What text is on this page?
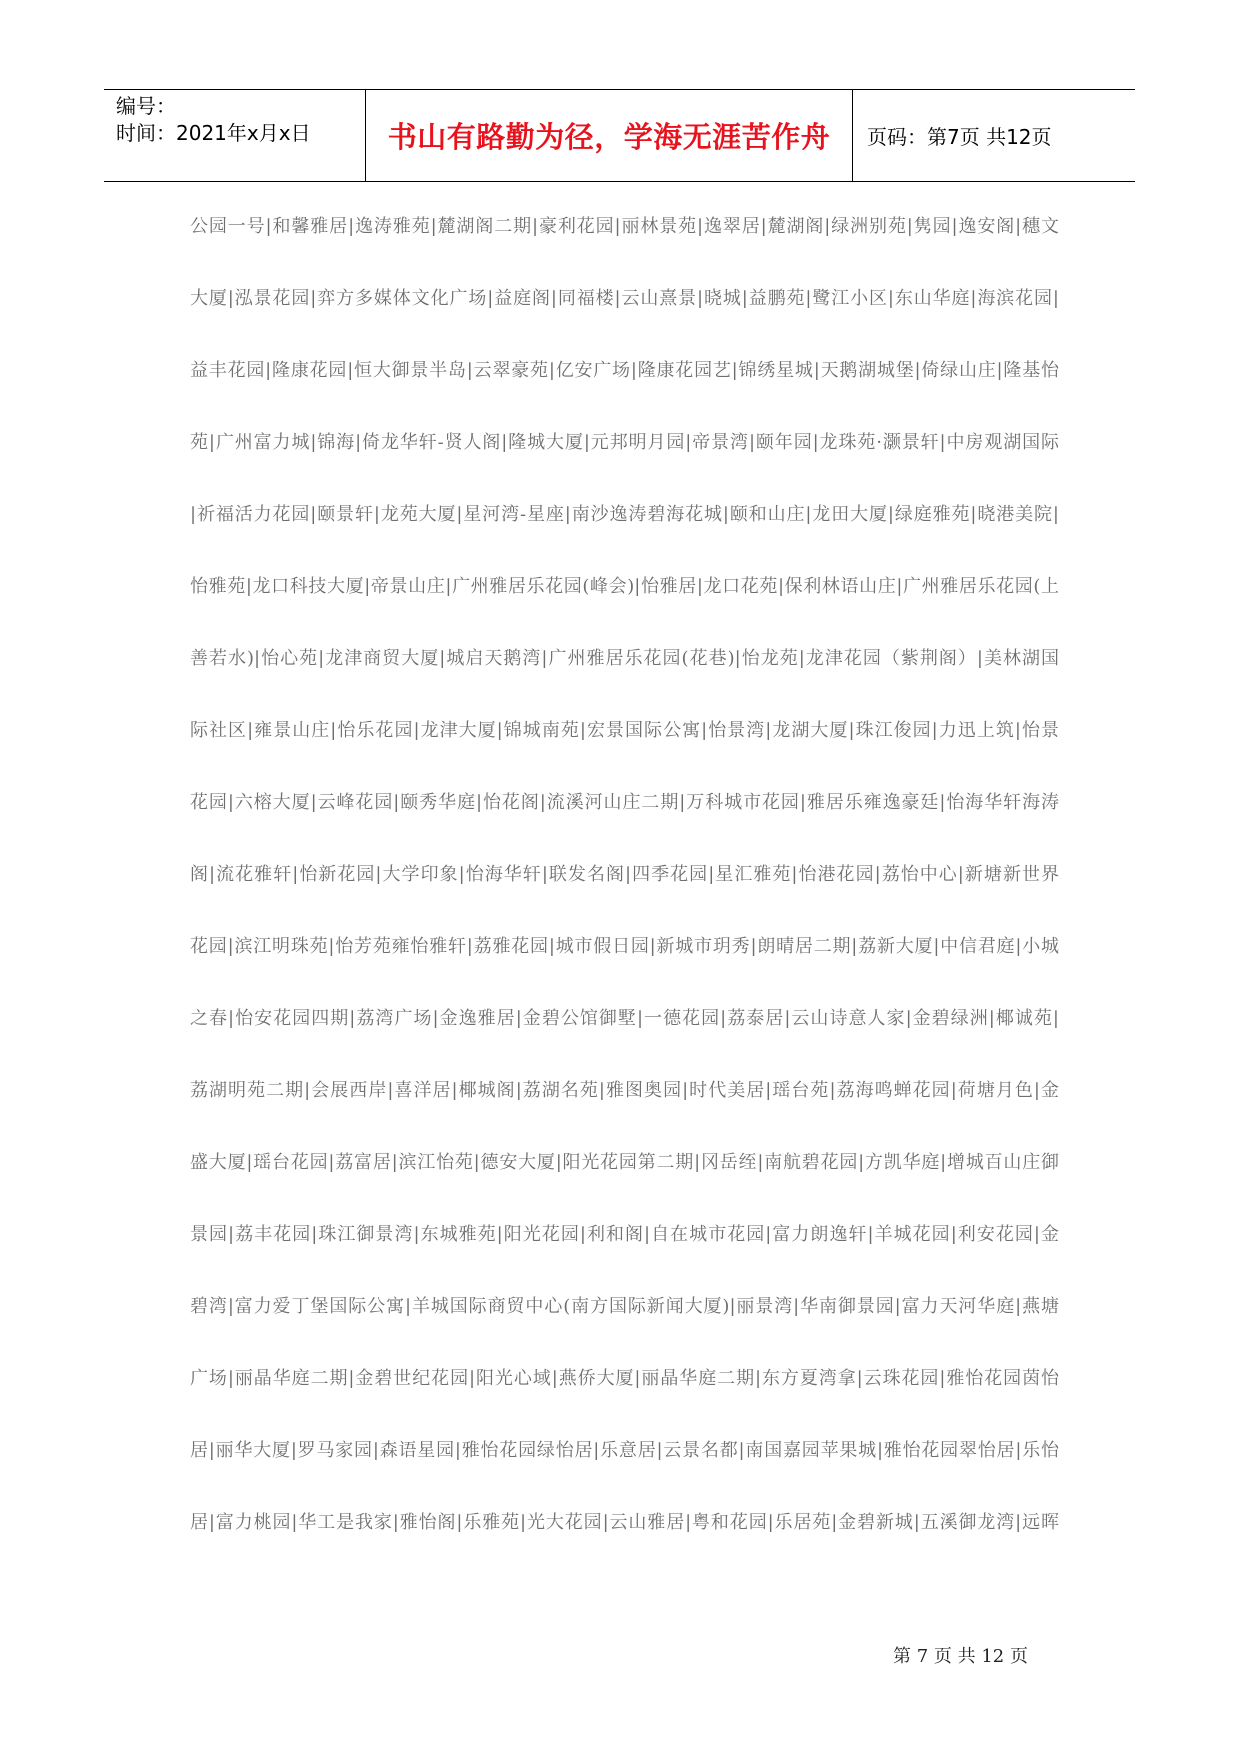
编号：
时间：2021年x月x日	书山有路勤为径，学海无涯苦作舟	页码：第7页 共12页
公园一号|和馨雅居|逸涛雅苑|麓湖阁二期|豪利花园|丽林景苑|逸翠居|麓湖阁|绿洲别苑|隽园|逸安阁|穗文
大厦|泓景花园|弈方多媒体文化广场|益庭阁|同福楼|云山熹景|晓城|益鹏苑|鹭江小区|东山华庭|海滨花园|
益丰花园|隆康花园|恒大御景半岛|云翠豪苑|亿安广场|隆康花园艺|锦绣星城|天鹅湖城堡|倚绿山庄|隆基怡
苑|广州富力城|锦海|倚龙华轩-贤人阁|隆城大厦|元邦明月园|帝景湾|颐年园|龙珠苑·灏景轩|中房观湖国际
|祈福活力花园|颐景轩|龙苑大厦|星河湾-星座|南沙逸涛碧海花城|颐和山庄|龙田大厦|绿庭雅苑|晓港美院|
怡雅苑|龙口科技大厦|帝景山庄|广州雅居乐花园(峰会)|怡雅居|龙口花苑|保利林语山庄|广州雅居乐花园(上
善若水)|怡心苑|龙津商贸大厦|城启天鹅湾|广州雅居乐花园(花巷)|怡龙苑|龙津花园（紫荆阁）|美林湖国
际社区|雍景山庄|怡乐花园|龙津大厦|锦城南苑|宏景国际公寓|怡景湾|龙湖大厦|珠江俊园|力迅上筑|怡景
花园|六榕大厦|云峰花园|颐秀华庭|怡花阁|流溪河山庄二期|万科城市花园|雅居乐雍逸豪廷|怡海华轩海涛
阁|流花雅轩|怡新花园|大学印象|怡海华轩|联发名阁|四季花园|星汇雅苑|怡港花园|荔怡中心|新塘新世界
花园|滨江明珠苑|怡芳苑雍怡雅轩|荔雅花园|城市假日园|新城市玥秀|朗晴居二期|荔新大厦|中信君庭|小城
之春|怡安花园四期|荔湾广场|金逸雅居|金碧公馆御墅|一德花园|荔泰居|云山诗意人家|金碧绿洲|椰诚苑|
荔湖明苑二期|会展西岸|喜洋居|椰城阁|荔湖名苑|雅图奥园|时代美居|瑶台苑|荔海鸣蝉花园|荷塘月色|金
盛大厦|瑶台花园|荔富居|滨江怡苑|德安大厦|阳光花园第二期|冈岳绖|南航碧花园|方凯华庭|增城百山庄御
景园|荔丰花园|珠江御景湾|东城雅苑|阳光花园|利和阁|自在城市花园|富力朗逸轩|羊城花园|利安花园|金
碧湾|富力爱丁堡国际公寓|羊城国际商贸中心(南方国际新闻大厦)|丽景湾|华南御景园|富力天河华庭|燕塘
广场|丽晶华庭二期|金碧世纪花园|阳光心域|燕侨大厦|丽晶华庭二期|东方夏湾拿|云珠花园|雅怡花园茵怡
居|丽华大厦|罗马家园|森语星园|雅怡花园绿怡居|乐意居|云景名都|南国嘉园苹果城|雅怡花园翠怡居|乐怡
居|富力桃园|华工是我家|雅怡阁|乐雅苑|光大花园|云山雅居|粤和花园|乐居苑|金碧新城|五溪御龙湾|远晖
第 7 页 共 12 页
